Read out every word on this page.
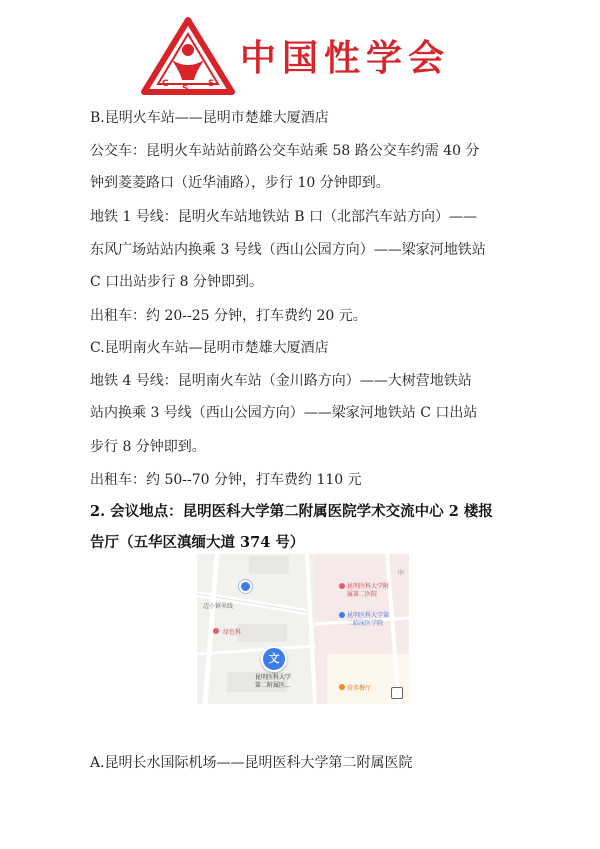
C S S
中国性学会
B.昆明火车站——昆明市楚雄大厦酒店
公交车：昆明火车站站前路公交车站乘 58 路公交车约需 40 分
钟到菱菱路口（近华浦路），步行 10 分钟即到。
地铁 1 号线：昆明火车站地铁站 B 口（北部汽车站方向）——
东风广场站站内换乘 3 号线（西山公园方向）——梁家河地铁站
C 口出站步行 8 分钟即到。
出租车：约 20--25 分钟，打车费约 20 元。
C.昆明南火车站—昆明市楚雄大厦酒店
地铁 4 号线：昆明南火车站（金川路方向）——大树营地铁站
站内换乘 3 号线（西山公园方向）——梁家河地铁站 C 口出站
步行 8 分钟即到。
出租车：约 50--70 分钟，打车费约 110 元
2. 会议地点：昆明医科大学第二附属医院学术交流中心 2 楼报
告厅（五华区滇缅大道 374 号）
迈小镇米线
绿色科
昆明医科大学附
属第二医院
昆明医科大学第
二临床医学院
中
文
昆明医科大学
第二附属医...	营养餐厅
A.昆明长水国际机场——昆明医科大学第二附属医院
